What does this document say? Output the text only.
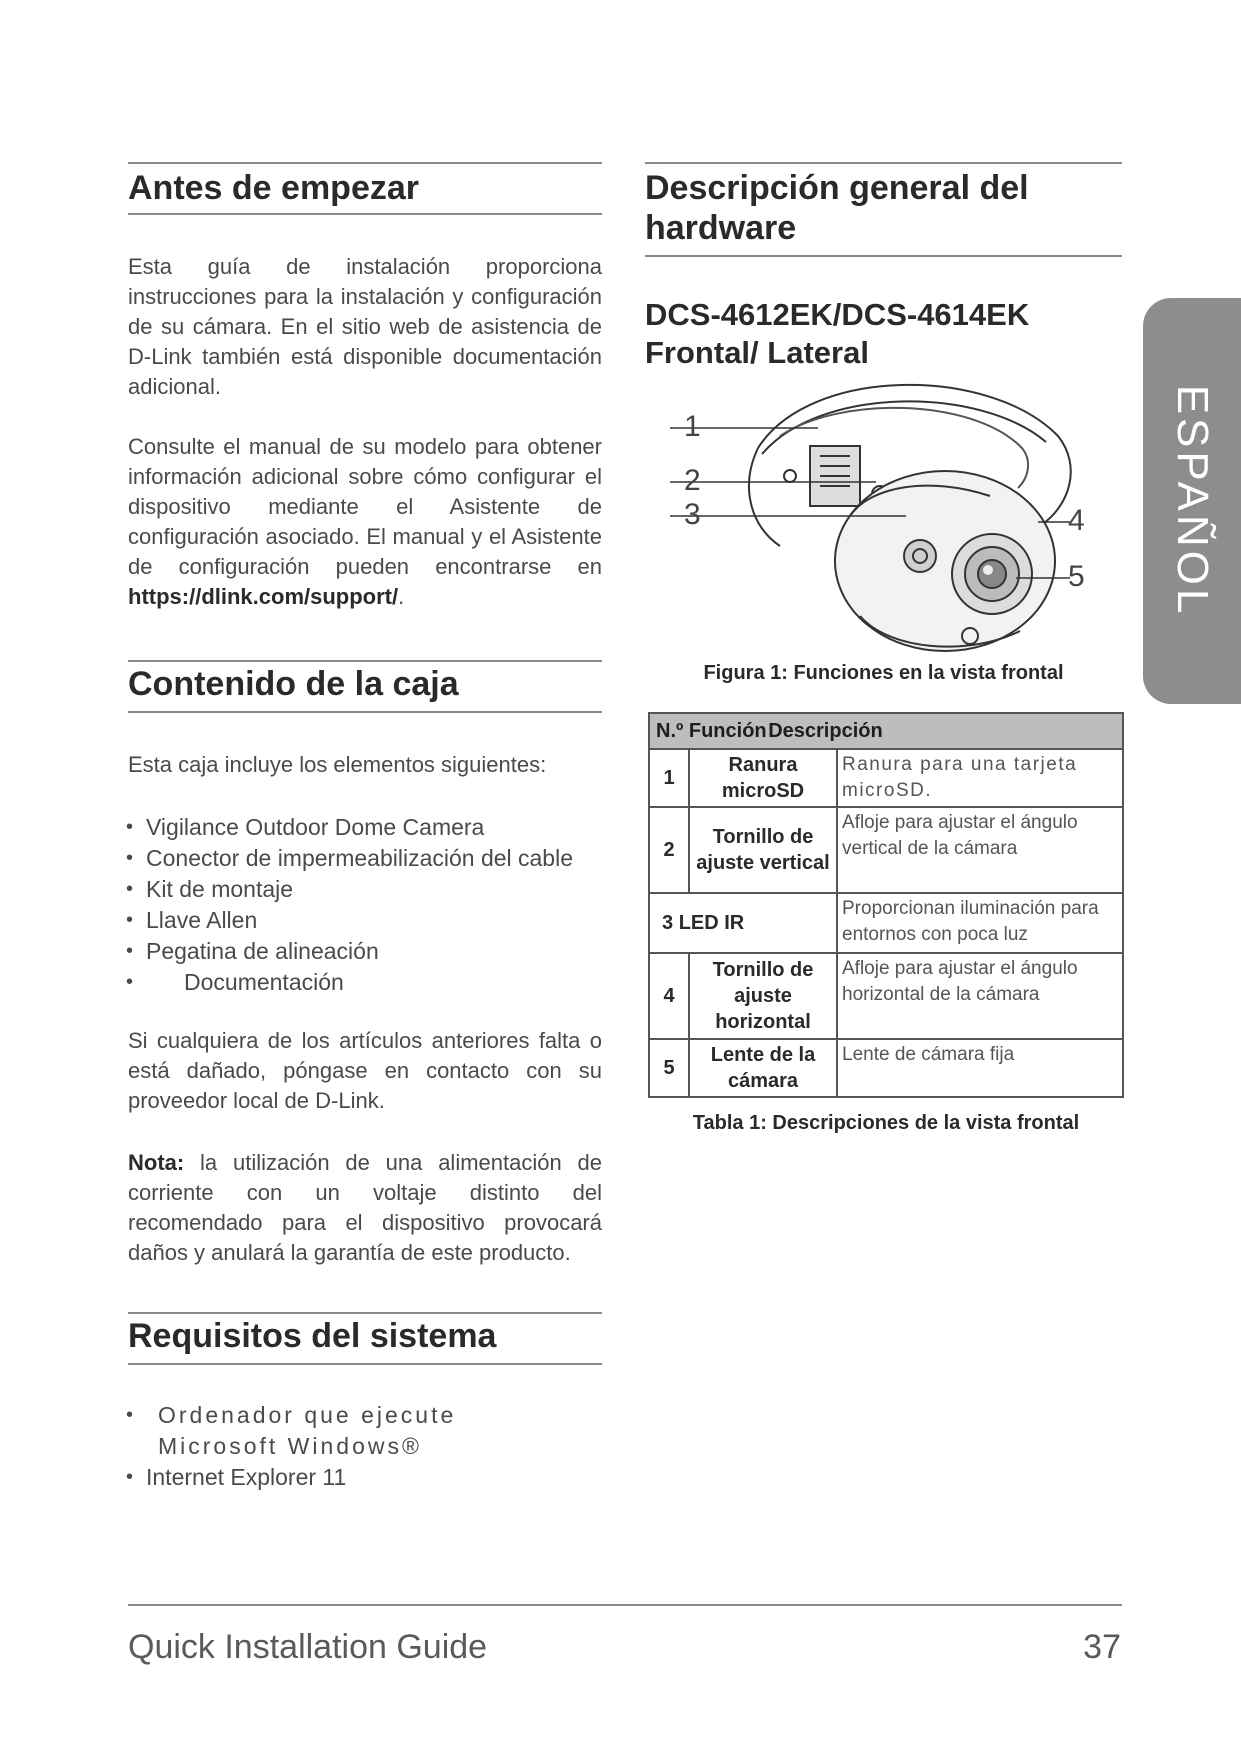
Antes de empezar

Esta guía de instalación proporciona instrucciones para la instalación y configuración de su cámara. En el sitio web de asistencia de D-Link también está disponible documentación adicional.

Consulte el manual de su modelo para obtener información adicional sobre cómo configurar el dispositivo mediante el Asistente de configuración asociado. El manual y el Asistente de configuración pueden encontrarse en https://dlink.com/support/.

Contenido de la caja

Esta caja incluye los elementos siguientes:

• Vigilance Outdoor Dome Camera
• Conector de impermeabilización del cable
• Kit de montaje
• Llave Allen
• Pegatina de alineación
• Documentación

Si cualquiera de los artículos anteriores falta o está dañado, póngase en contacto con su proveedor local de D-Link.

Nota: la utilización de una alimentación de corriente con un voltaje distinto del recomendado para el dispositivo provocará daños y anulará la garantía de este producto.

Requisitos del sistema
• Ordenador que ejecute Microsoft Windows®
• Internet Explorer 11
Descripción general del hardware
DCS-4612EK/DCS-4614EK Frontal/ Lateral
1
2
3	4
5
Figura 1: Funciones en la vista frontal
N.º Función Descripción		
1	Ranura microSD	Ranura para una tarjeta microSD.
2	Tornillo de ajuste vertical	Afloje para ajustar el ángulo vertical de la cámara
3 LED IR		Proporcionan iluminación para entornos con poca luz
4	Tornillo de ajuste horizontal	Afloje para ajustar el ángulo horizontal de la cámara
5	Lente de la cámara	Lente de cámara fija
Tabla 1: Descripciones de la vista frontal
ESPAÑOL
Quick Installation Guide	37
